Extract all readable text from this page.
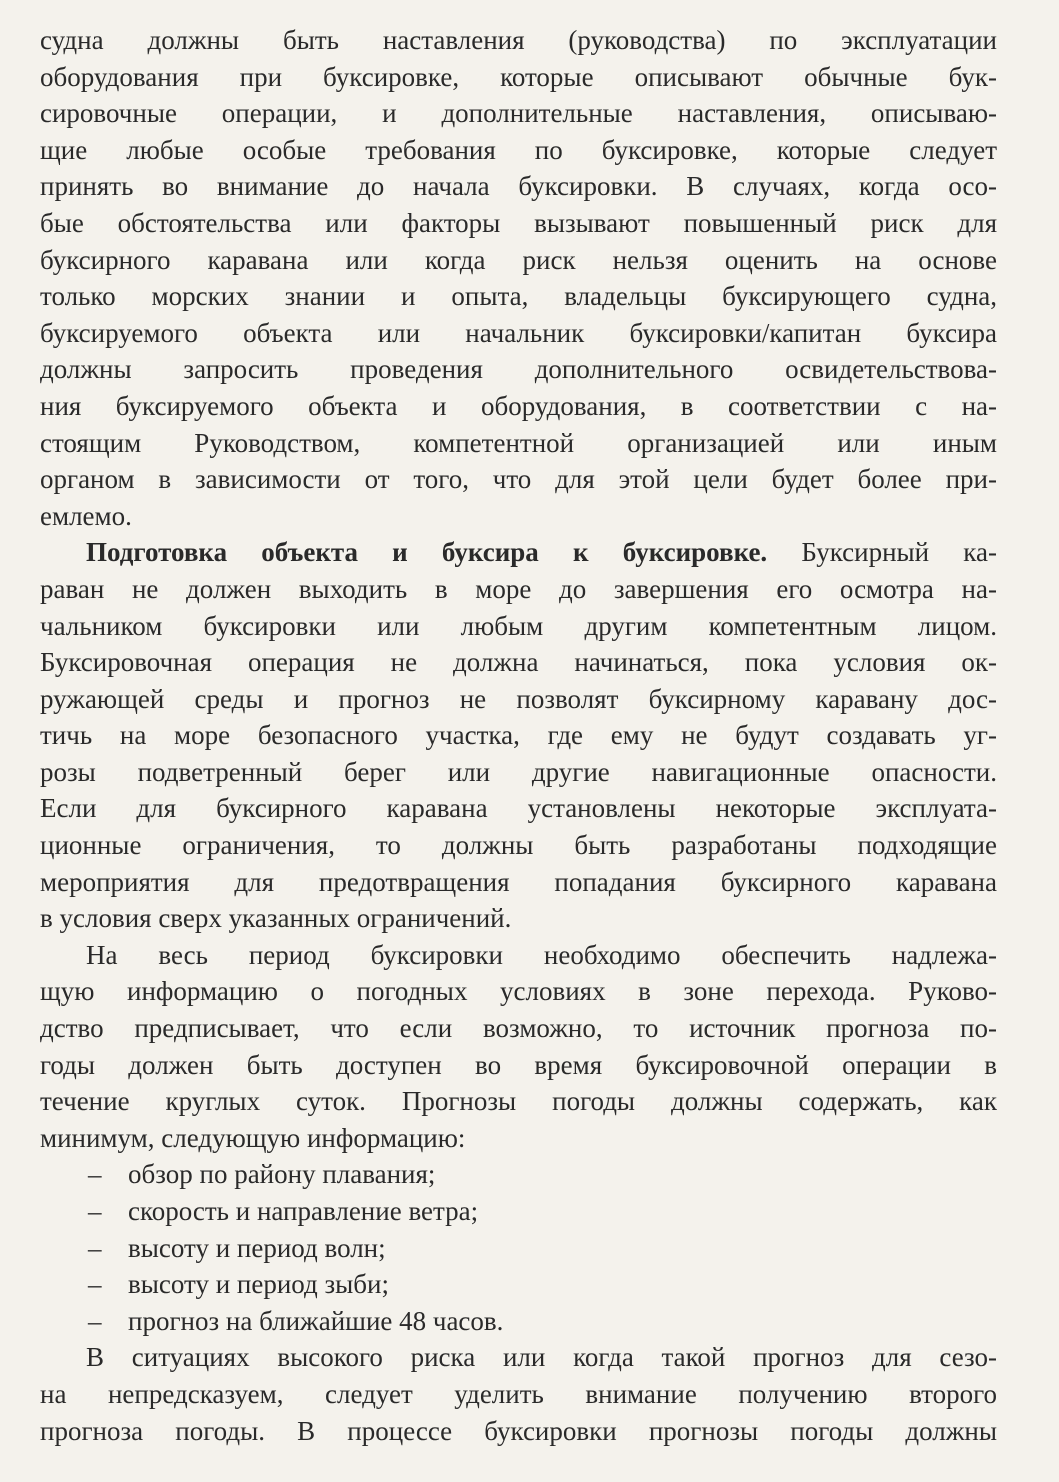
судна должны быть наставления (руководства) по эксплуатации
оборудования при буксировке, которые описывают обычные бук-
сировочные операции, и дополнительные наставления, описываю-
щие любые особые требования по буксировке, которые следует
принять во внимание до начала буксировки. В случаях, когда осо-
бые обстоятельства или факторы вызывают повышенный риск для
буксирного каравана или когда риск нельзя оценить на основе
только морских знании и опыта, владельцы буксирующего судна,
буксируемого объекта или начальник буксировки/капитан буксира
должны запросить проведения дополнительного освидетельствова-
ния буксируемого объекта и оборудования, в соответствии с на-
стоящим Руководством, компетентной организацией или иным
органом в зависимости от того, что для этой цели будет более при-
емлемо.
Подготовка объекта и буксира к буксировке. Буксирный ка-
раван не должен выходить в море до завершения его осмотра на-
чальником буксировки или любым другим компетентным лицом.
Буксировочная операция не должна начинаться, пока условия ок-
ружающей среды и прогноз не позволят буксирному каравану дос-
тичь на море безопасного участка, где ему не будут создавать уг-
розы подветренный берег или другие навигационные опасности.
Если для буксирного каравана установлены некоторые эксплуата-
ционные ограничения, то должны быть разработаны подходящие
мероприятия для предотвращения попадания буксирного каравана
в условия сверх указанных ограничений.
На весь период буксировки необходимо обеспечить надлежа-
щую информацию о погодных условиях в зоне перехода. Руково-
дство предписывает, что если возможно, то источник прогноза по-
годы должен быть доступен во время буксировочной операции в
течение круглых суток. Прогнозы погоды должны содержать, как
минимум, следующую информацию:
– обзор по району плавания;
– скорость и направление ветра;
– высоту и период волн;
– высоту и период зыби;
– прогноз на ближайшие 48 часов.
В ситуациях высокого риска или когда такой прогноз для сезо-
на непредсказуем, следует уделить внимание получению второго
прогноза погоды. В процессе буксировки прогнозы погоды должны
